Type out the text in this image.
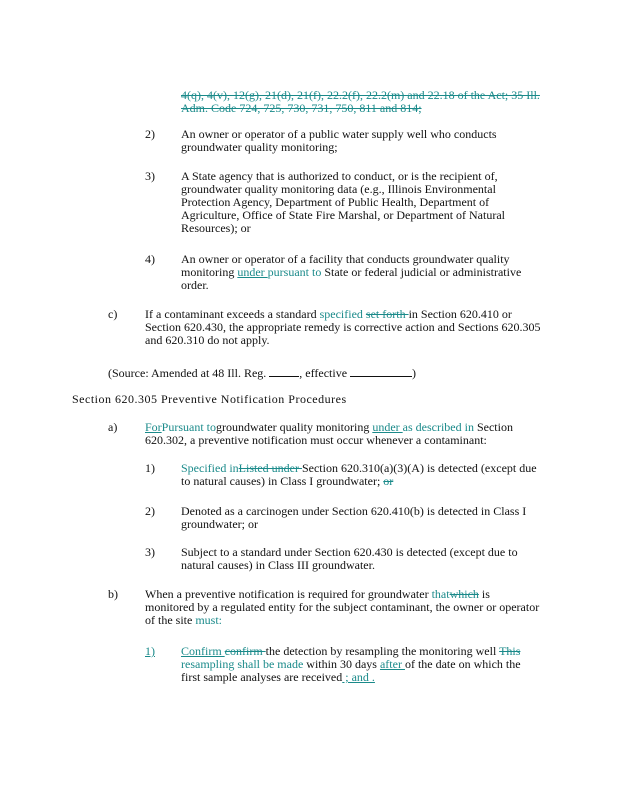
4(q), 4(v), 12(g), 21(d), 21(f), 22.2(f), 22.2(m) and 22.18 of the Act; 35 Ill.
Adm. Code 724, 725, 730, 731, 750, 811 and 814;
2) An owner or operator of a public water supply well who conducts
groundwater quality monitoring;
3) A State agency that is authorized to conduct, or is the recipient of,
groundwater quality monitoring data (e.g., Illinois Environmental
Protection Agency, Department of Public Health, Department of
Agriculture, Office of State Fire Marshal, or Department of Natural
Resources); or
4) An owner or operator of a facility that conducts groundwater quality
monitoring under pursuant to State or federal judicial or administrative
order.
c) If a contaminant exceeds a standard specified set forth in Section 620.410 or
Section 620.430, the appropriate remedy is corrective action and Sections 620.305
and 620.310 do not apply.
(Source: Amended at 48 Ill. Reg.	, effective	)
Section 620.305 Preventive Notification Procedures
a) ForPursuant togroundwater quality monitoring under as described in Section
620.302, a preventive notification must occur whenever a contaminant:
1) Specified inListed under Section 620.310(a)(3)(A) is detected (except due
to natural causes) in Class I groundwater; or
2) Denoted as a carcinogen under Section 620.410(b) is detected in Class I
groundwater; or
3) Subject to a standard under Section 620.430 is detected (except due to
natural causes) in Class III groundwater.
b) When a preventive notification is required for groundwater thatwhich is
monitored by a regulated entity for the subject contaminant, the owner or operator
of the site must:
1) Confirm confirm the detection by resampling the monitoring well This
resampling shall be made within 30 days after of the date on which the
first sample analyses are received ; and .
